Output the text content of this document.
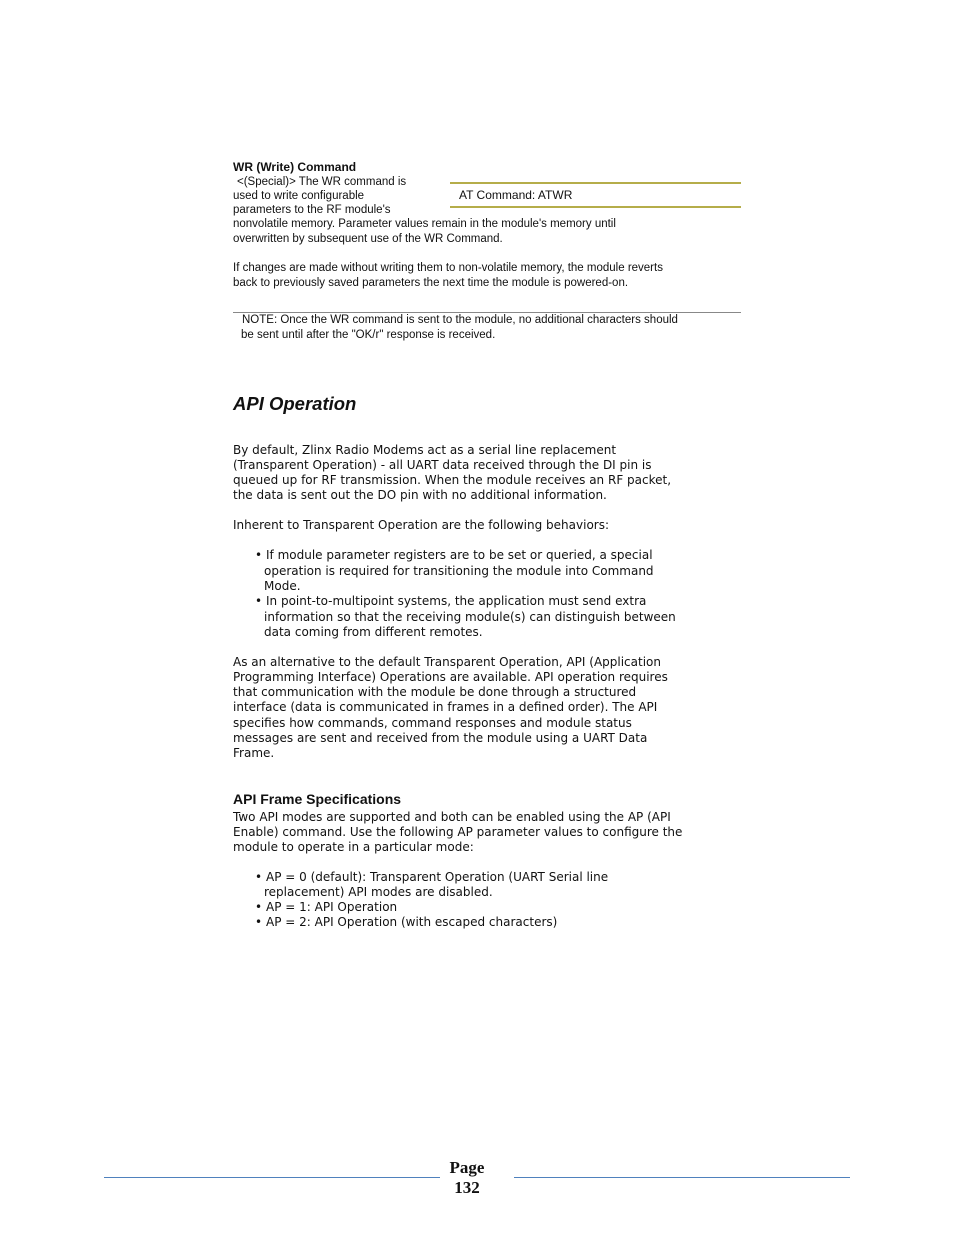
WR (Write) Command
<(Special)> The WR command is
used to write configurable
parameters to the RF module's
nonvolatile memory. Parameter values remain in the module's memory until
overwritten by subsequent use of the WR Command.
If changes are made without writing them to non-volatile memory, the module reverts
back to previously saved parameters the next time the module is powered-on.
AT Command: ATWR
NOTE: Once the WR command is sent to the module, no additional characters should
be sent until after the "OK/r" response is received.
API Operation
By default, Zlinx Radio Modems act as a serial line replacement
(Transparent Operation) - all UART data received through the DI pin is
queued up for RF transmission. When the module receives an RF packet,
the data is sent out the DO pin with no additional information.
Inherent to Transparent Operation are the following behaviors:
• If module parameter registers are to be set or queried, a special
operation is required for transitioning the module into Command
Mode.
• In point-to-multipoint systems, the application must send extra
information so that the receiving module(s) can distinguish between
data coming from different remotes.
As an alternative to the default Transparent Operation, API (Application
Programming Interface) Operations are available. API operation requires
that communication with the module be done through a structured
interface (data is communicated in frames in a defined order). The API
specifies how commands, command responses and module status
messages are sent and received from the module using a UART Data
Frame.
API Frame Specifications
Two API modes are supported and both can be enabled using the AP (API
Enable) command. Use the following AP parameter values to configure the
module to operate in a particular mode:
• AP = 0 (default): Transparent Operation (UART Serial line
replacement) API modes are disabled.
• AP = 1: API Operation
• AP = 2: API Operation (with escaped characters)
Page
132
